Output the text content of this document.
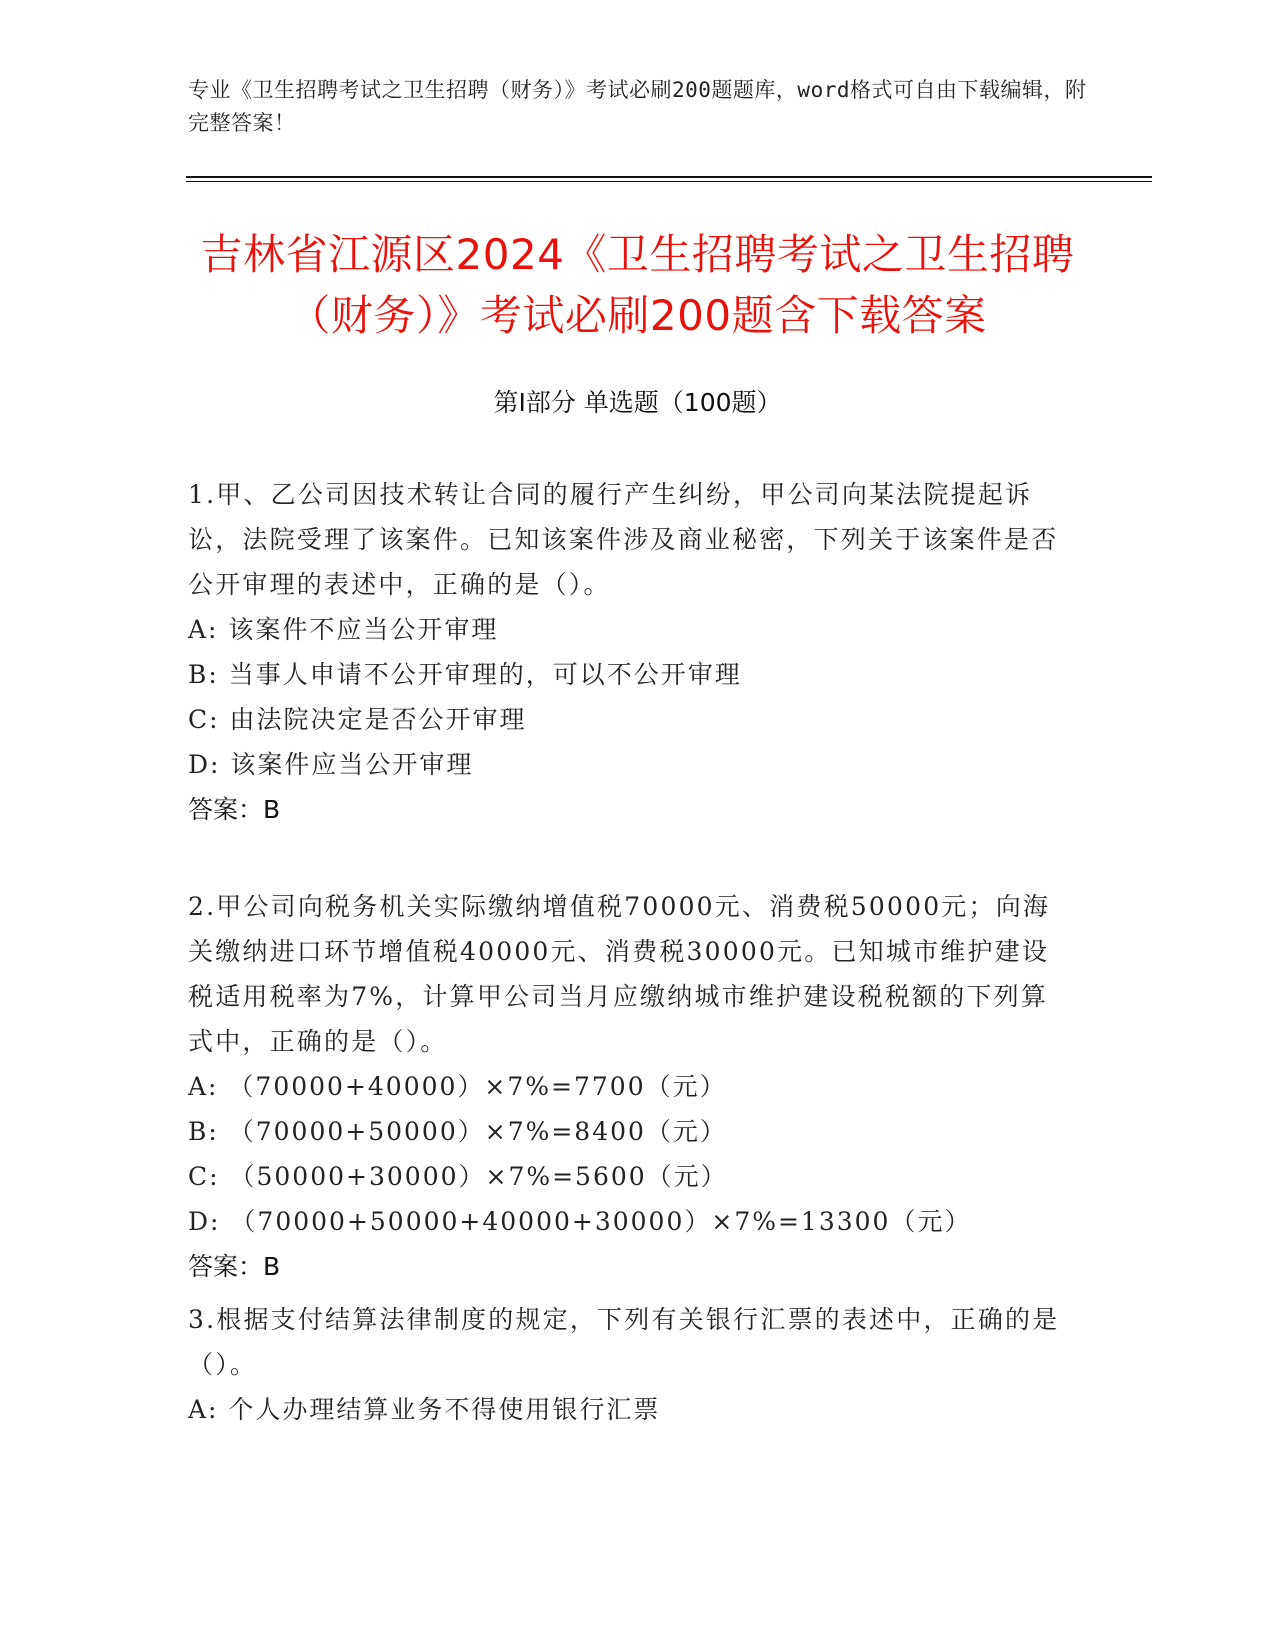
专业《卫生招聘考试之卫生招聘（财务）》考试必刷200题题库，word格式可自由下载编辑，附完整答案！
吉林省江源区2024《卫生招聘考试之卫生招聘（财务）》考试必刷200题含下载答案
第Ⅰ部分 单选题（100题）
1.甲、乙公司因技术转让合同的履行产生纠纷，甲公司向某法院提起诉讼，法院受理了该案件。已知该案件涉及商业秘密，下列关于该案件是否公开审理的表述中，正确的是（）。
A: 该案件不应当公开审理
B: 当事人申请不公开审理的，可以不公开审理
C: 由法院决定是否公开审理
D: 该案件应当公开审理
答案：B
2.甲公司向税务机关实际缴纳增值税70000元、消费税50000元；向海关缴纳进口环节增值税40000元、消费税30000元。已知城市维护建设税适用税率为7%，计算甲公司当月应缴纳城市维护建设税税额的下列算式中，正确的是（）。
A: （70000+40000）×7%=7700（元）
B: （70000+50000）×7%=8400（元）
C: （50000+30000）×7%=5600（元）
D: （70000+50000+40000+30000）×7%=13300（元）
答案：B
3.根据支付结算法律制度的规定，下列有关银行汇票的表述中，正确的是（）。
A: 个人办理结算业务不得使用银行汇票
